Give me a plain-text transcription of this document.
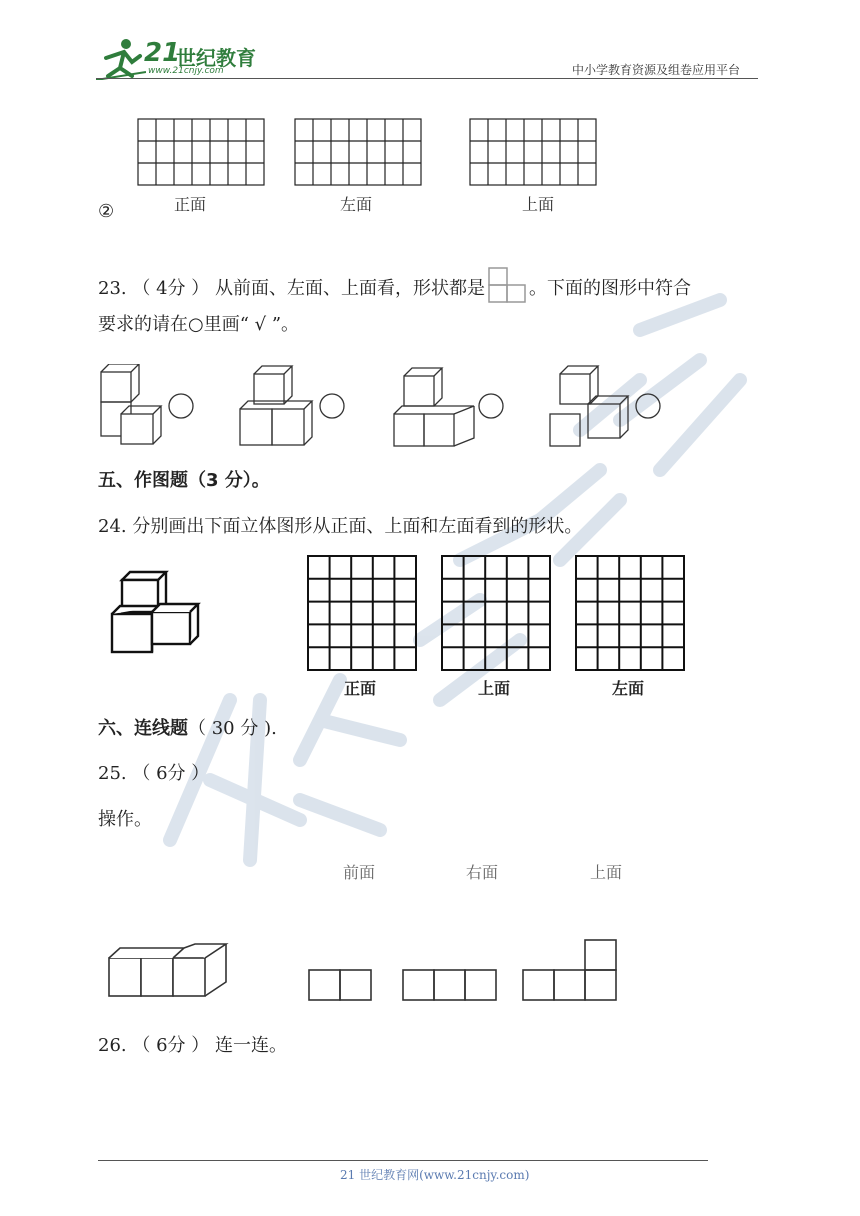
21
世纪教育
www.21cnjy.com	中小学教育资源及组卷应用平台
②	正面	左面	上面
23. （ 4分 ） 从前面、左面、上面看，形状都是 。下面的图形中符合
要求的请在○里画“ √ ”。
五、作图题（3 分）。
24. 分别画出下面立体图形从正面、上面和左面看到的形状。
正面	上面	左面
六、连线题（ 30 分 ).
25. （ 6分 ）
操作。
前面	右面	上面
26. （ 6分 ） 连一连。
21 世纪教育网(www.21cnjy.com)
